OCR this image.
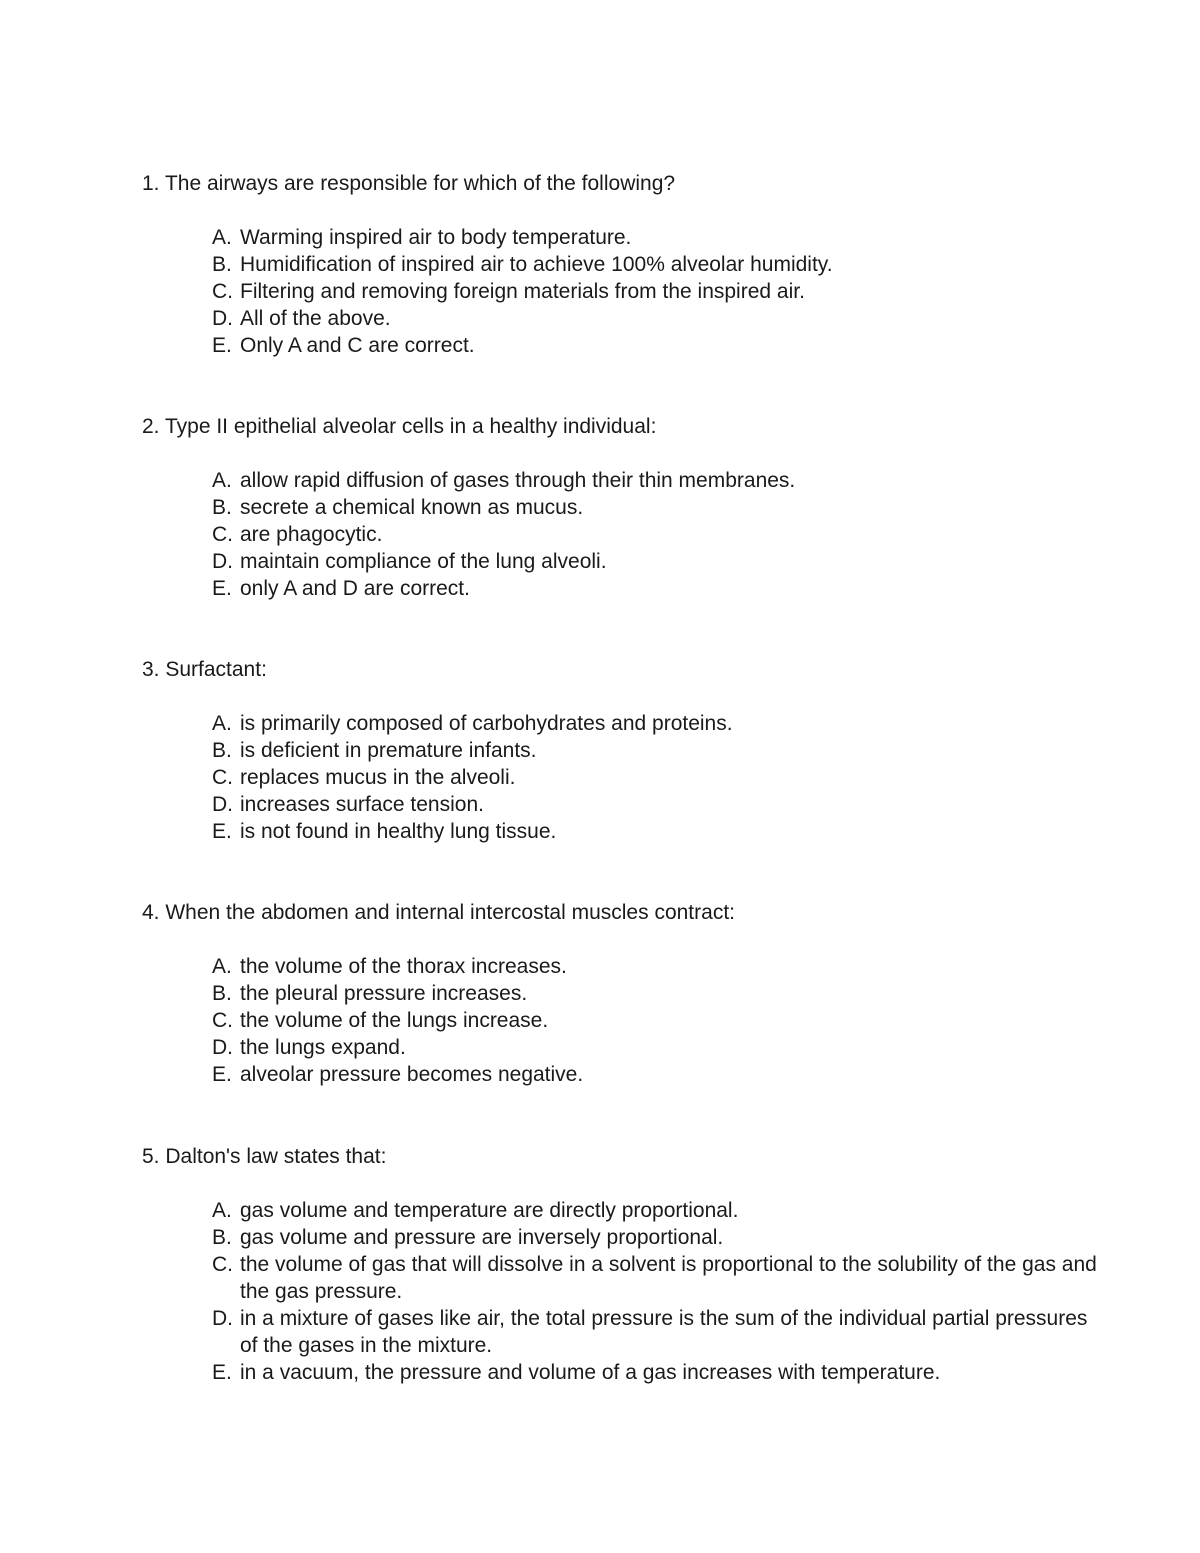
1. The airways are responsible for which of the following?

A. Warming inspired air to body temperature.
B. Humidification of inspired air to achieve 100% alveolar humidity.
C. Filtering and removing foreign materials from the inspired air.
D. All of the above.
E. Only A and C are correct.

2. Type II epithelial alveolar cells in a healthy individual:

A. allow rapid diffusion of gases through their thin membranes.
B. secrete a chemical known as mucus.
C. are phagocytic.
D. maintain compliance of the lung alveoli.
E. only A and D are correct.

3. Surfactant:

A. is primarily composed of carbohydrates and proteins.
B. is deficient in premature infants.
C. replaces mucus in the alveoli.
D. increases surface tension.
E. is not found in healthy lung tissue.

4. When the abdomen and internal intercostal muscles contract:

A. the volume of the thorax increases.
B. the pleural pressure increases.
C. the volume of the lungs increase.
D. the lungs expand.
E. alveolar pressure becomes negative.

5. Dalton's law states that:

A. gas volume and temperature are directly proportional.
B. gas volume and pressure are inversely proportional.
C. the volume of gas that will dissolve in a solvent is proportional to the solubility of the gas and the gas pressure.
D. in a mixture of gases like air, the total pressure is the sum of the individual partial pressures of the gases in the mixture.
E. in a vacuum, the pressure and volume of a gas increases with temperature.
